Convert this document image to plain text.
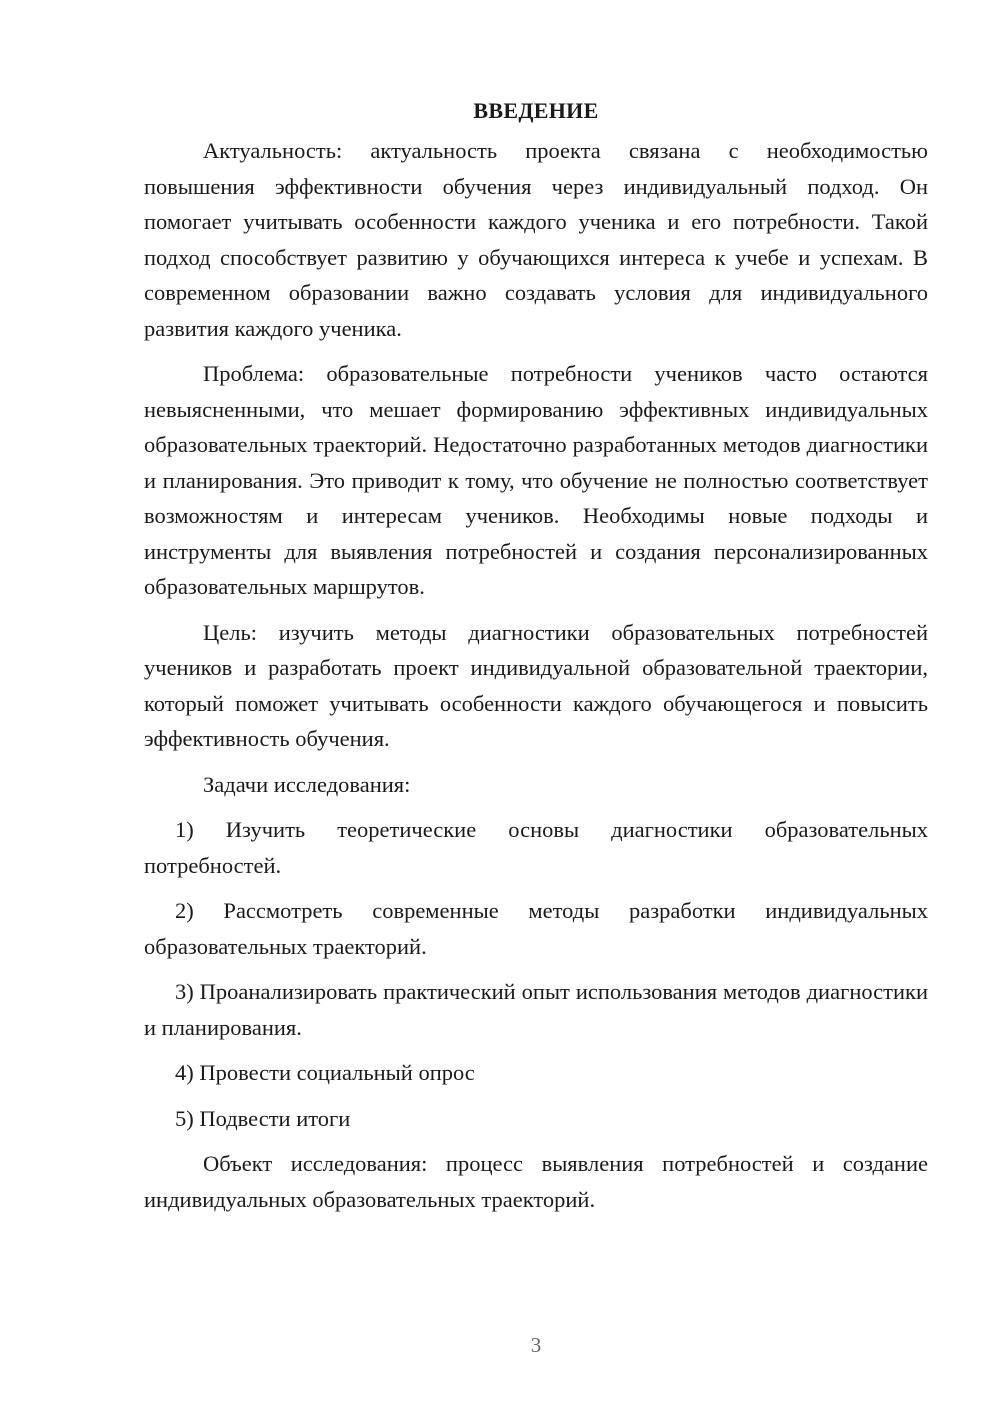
ВВЕДЕНИЕ

Актуальность: актуальность проекта связана с необходимостью повышения эффективности обучения через индивидуальный подход. Он помогает учитывать особенности каждого ученика и его потребности. Такой подход способствует развитию у обучающихся интереса к учебе и успехам. В современном образовании важно создавать условия для индивидуального развития каждого ученика.

Проблема: образовательные потребности учеников часто остаются невыясненными, что мешает формированию эффективных индивидуальных образовательных траекторий. Недостаточно разработанных методов диагностики и планирования. Это приводит к тому, что обучение не полностью соответствует возможностям и интересам учеников. Необходимы новые подходы и инструменты для выявления потребностей и создания персонализированных образовательных маршрутов.

Цель: изучить методы диагностики образовательных потребностей учеников и разработать проект индивидуальной образовательной траектории, который поможет учитывать особенности каждого обучающегося и повысить эффективность обучения.

Задачи исследования:

1) Изучить теоретические основы диагностики образовательных потребностей.

2) Рассмотреть современные методы разработки индивидуальных образовательных траекторий.

3) Проанализировать практический опыт использования методов диагностики и планирования.

4) Провести социальный опрос

5) Подвести итоги

Объект исследования: процесс выявления потребностей и создание индивидуальных образовательных траекторий.

3
